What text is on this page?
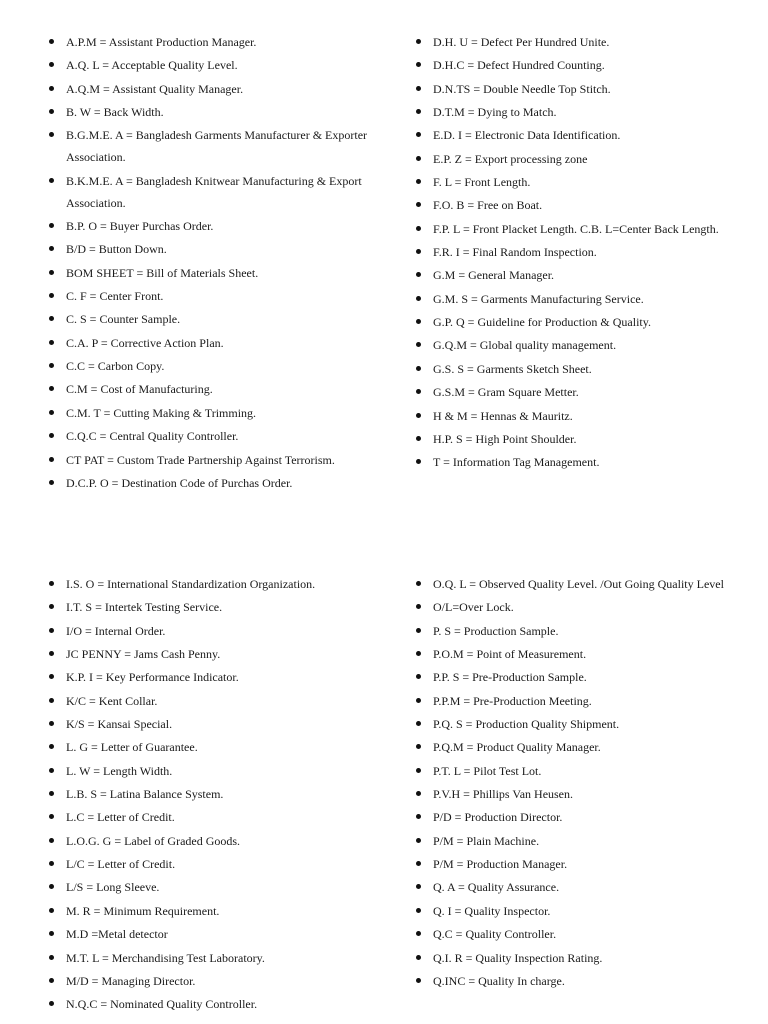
A.P.M = Assistant Production Manager.
A.Q. L = Acceptable Quality Level.
A.Q.M = Assistant Quality Manager.
B. W = Back Width.
B.G.M.E. A = Bangladesh Garments Manufacturer & Exporter Association.
B.K.M.E. A = Bangladesh Knitwear Manufacturing & Export Association.
B.P. O = Buyer Purchas Order.
B/D = Button Down.
BOM SHEET = Bill of Materials Sheet.
C. F = Center Front.
C. S = Counter Sample.
C.A. P = Corrective Action Plan.
C.C = Carbon Copy.
C.M = Cost of Manufacturing.
C.M. T = Cutting Making & Trimming.
C.Q.C = Central Quality Controller.
CT PAT = Custom Trade Partnership Against Terrorism.
D.C.P. O = Destination Code of Purchas Order.
D.H. U = Defect Per Hundred Unite.
D.H.C = Defect Hundred Counting.
D.N.TS = Double Needle Top Stitch.
D.T.M = Dying to Match.
E.D. I = Electronic Data Identification.
E.P. Z = Export processing zone
F. L = Front Length.
F.O. B = Free on Boat.
F.P. L = Front Placket Length. C.B. L=Center Back Length.
F.R. I = Final Random Inspection.
G.M = General Manager.
G.M. S = Garments Manufacturing Service.
G.P. Q = Guideline for Production & Quality.
G.Q.M = Global quality management.
G.S. S = Garments Sketch Sheet.
G.S.M = Gram Square Metter.
H & M = Hennas & Mauritz.
H.P. S = High Point Shoulder.
T = Information Tag Management.
I.S. O = International Standardization Organization.
I.T. S = Intertek Testing Service.
I/O = Internal Order.
JC PENNY = Jams Cash Penny.
K.P. I = Key Performance Indicator.
K/C = Kent Collar.
K/S = Kansai Special.
L. G = Letter of Guarantee.
L. W = Length Width.
L.B. S = Latina Balance System.
L.C = Letter of Credit.
L.O.G. G = Label of Graded Goods.
L/C = Letter of Credit.
L/S = Long Sleeve.
M. R = Minimum Requirement.
M.D =Metal detector
M.T. L = Merchandising Test Laboratory.
M/D = Managing Director.
N.Q.C = Nominated Quality Controller.
O.Q. L = Observed Quality Level. /Out Going Quality Level
O/L=Over Lock.
P. S = Production Sample.
P.O.M = Point of Measurement.
P.P. S = Pre-Production Sample.
P.P.M = Pre-Production Meeting.
P.Q. S = Production Quality Shipment.
P.Q.M = Product Quality Manager.
P.T. L = Pilot Test Lot.
P.V.H = Phillips Van Heusen.
P/D = Production Director.
P/M = Plain Machine.
P/M = Production Manager.
Q. A = Quality Assurance.
Q. I = Quality Inspector.
Q.C = Quality Controller.
Q.I. R = Quality Inspection Rating.
Q.INC = Quality In charge.
